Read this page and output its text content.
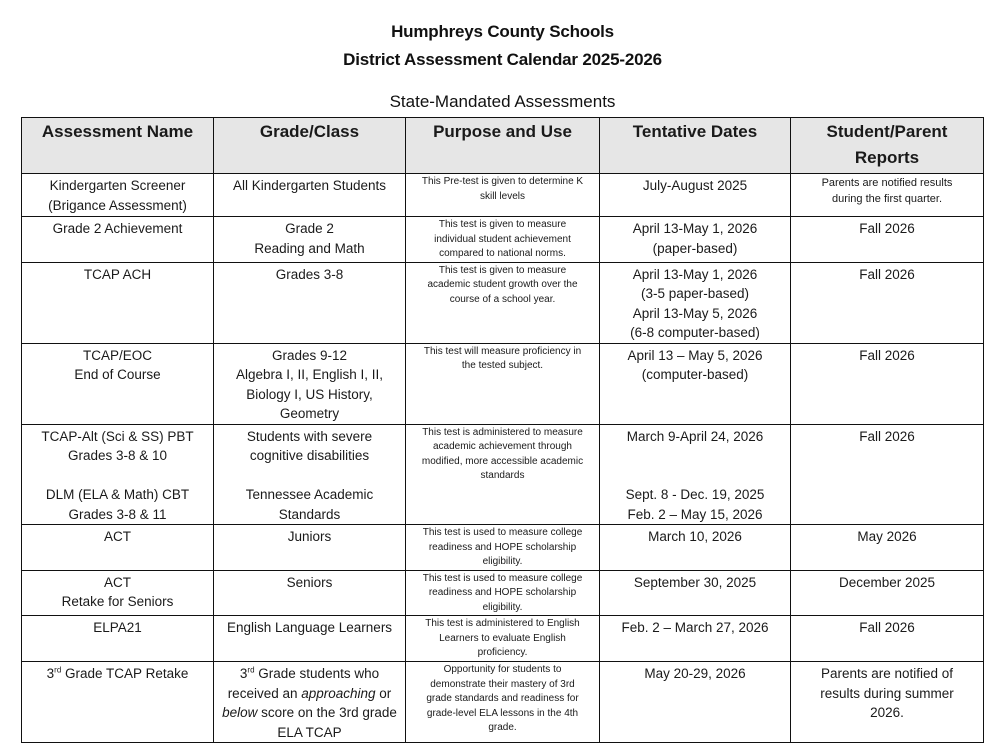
Humphreys County Schools
District Assessment Calendar 2025-2026
State-Mandated Assessments
Assessment Name	Grade/Class	Purpose and Use	Tentative Dates	Student/Parent
Reports

Kindergarten Screener
(Brigance Assessment)	All Kindergarten Students	This Pre-test is given to determine K
skill levels	July-August 2025	Parents are notified results
during the first quarter.

Grade 2 Achievement	Grade 2
Reading and Math	This test is given to measure
individual student achievement
compared to national norms.	April 13-May 1, 2026
(paper-based)	Fall 2026

TCAP ACH	Grades 3-8	This test is given to measure
academic student growth over the
course of a school year.	April 13-May 1, 2026
(3-5 paper-based)
April 13-May 5, 2026
(6-8 computer-based)	Fall 2026

TCAP/EOC
End of Course	Grades 9-12
Algebra I, II, English I, II,
Biology I, US History,
Geometry	This test will measure proficiency in
the tested subject.	April 13 – May 5, 2026
(computer-based)	Fall 2026

TCAP-Alt (Sci & SS) PBT
Grades 3-8 & 10
DLM (ELA & Math) CBT
Grades 3-8 & 11	Students with severe
cognitive disabilities
Tennessee Academic
Standards	This test is administered to measure
academic achievement through
modified, more accessible academic
standards	March 9-April 24, 2026
Sept. 8 - Dec. 19, 2025
Feb. 2 – May 15, 2026	Fall 2026

ACT	Juniors	This test is used to measure college
readiness and HOPE scholarship
eligibility.	March 10, 2026	May 2026

ACT
Retake for Seniors	Seniors	This test is used to measure college
readiness and HOPE scholarship
eligibility.	September 30, 2025	December 2025

ELPA21	English Language Learners	This test is administered to English
Learners to evaluate English
proficiency.	Feb. 2 – March 27, 2026	Fall 2026

3rd Grade TCAP Retake	3rd Grade students who
received an approaching or
below score on the 3rd grade
ELA TCAP	Opportunity for students to
demonstrate their mastery of 3rd
grade standards and readiness for
grade-level ELA lessons in the 4th
grade.	May 20-29, 2026	Parents are notified of
results during summer
2026.
